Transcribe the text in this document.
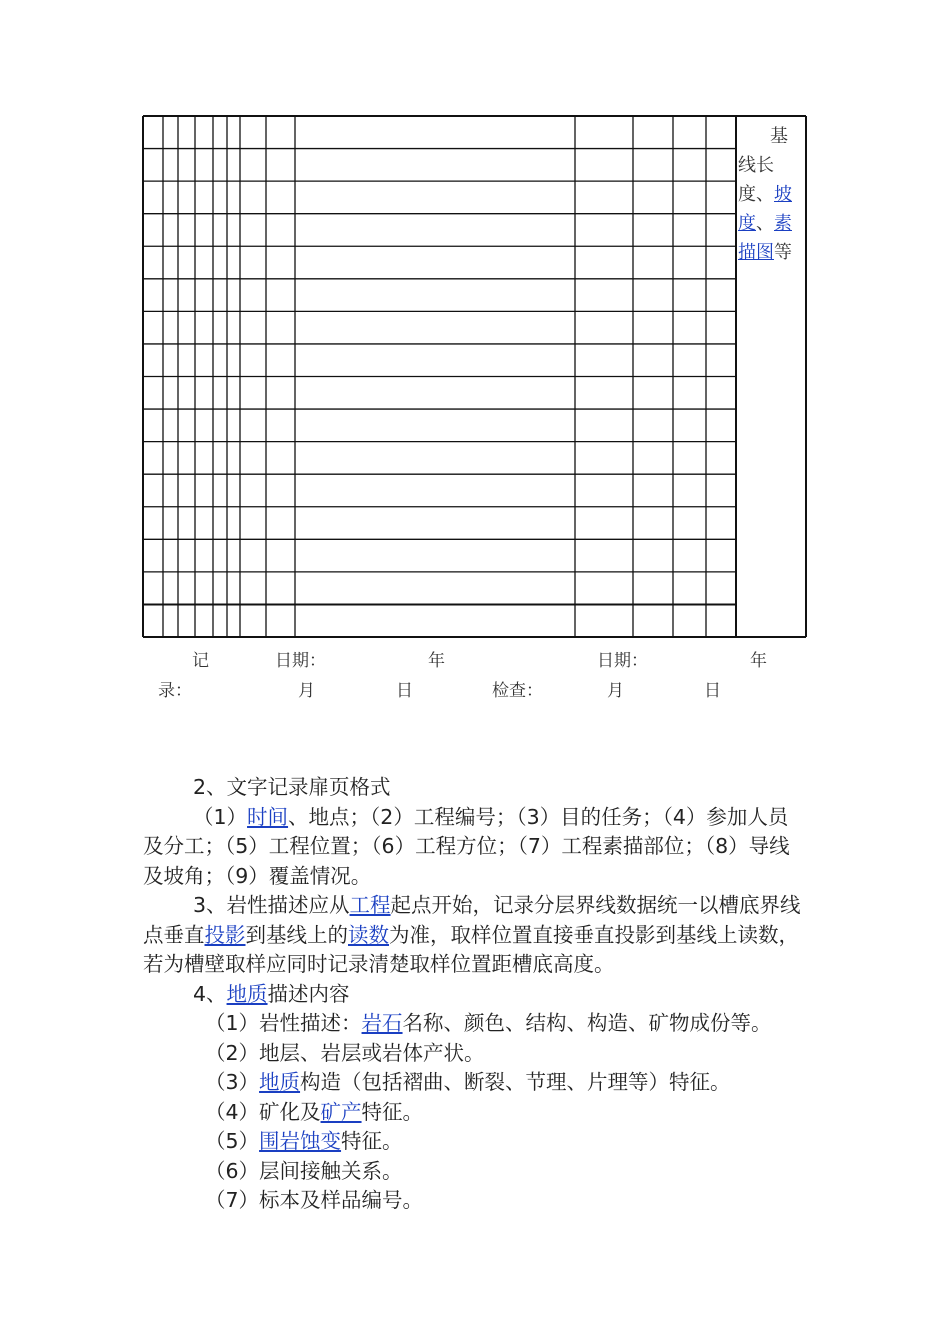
基

线长

度、坡

度、素

描图等

记
录：
日期：	年
月	日	检查：
日期：	年
月	日

2、文字记录扉页格式

（1）时间、地点；（2）工程编号；（3）目的任务；（4）参加人员及分工；（5）工程位置；（6）工程方位；（7）工程素描部位；（8）导线及坡角；（9）覆盖情况。

3、岩性描述应从工程起点开始，记录分层界线数据统一以槽底界线点垂直投影到基线上的读数为准，取样位置直接垂直投影到基线上读数，若为槽壁取样应同时记录清楚取样位置距槽底高度。

4、地质描述内容

（1）岩性描述：岩石名称、颜色、结构、构造、矿物成份等。

（2）地层、岩层或岩体产状。

（3）地质构造（包括褶曲、断裂、节理、片理等）特征。

（4）矿化及矿产特征。

（5）围岩蚀变特征。

（6）层间接触关系。

（7）标本及样品编号。
